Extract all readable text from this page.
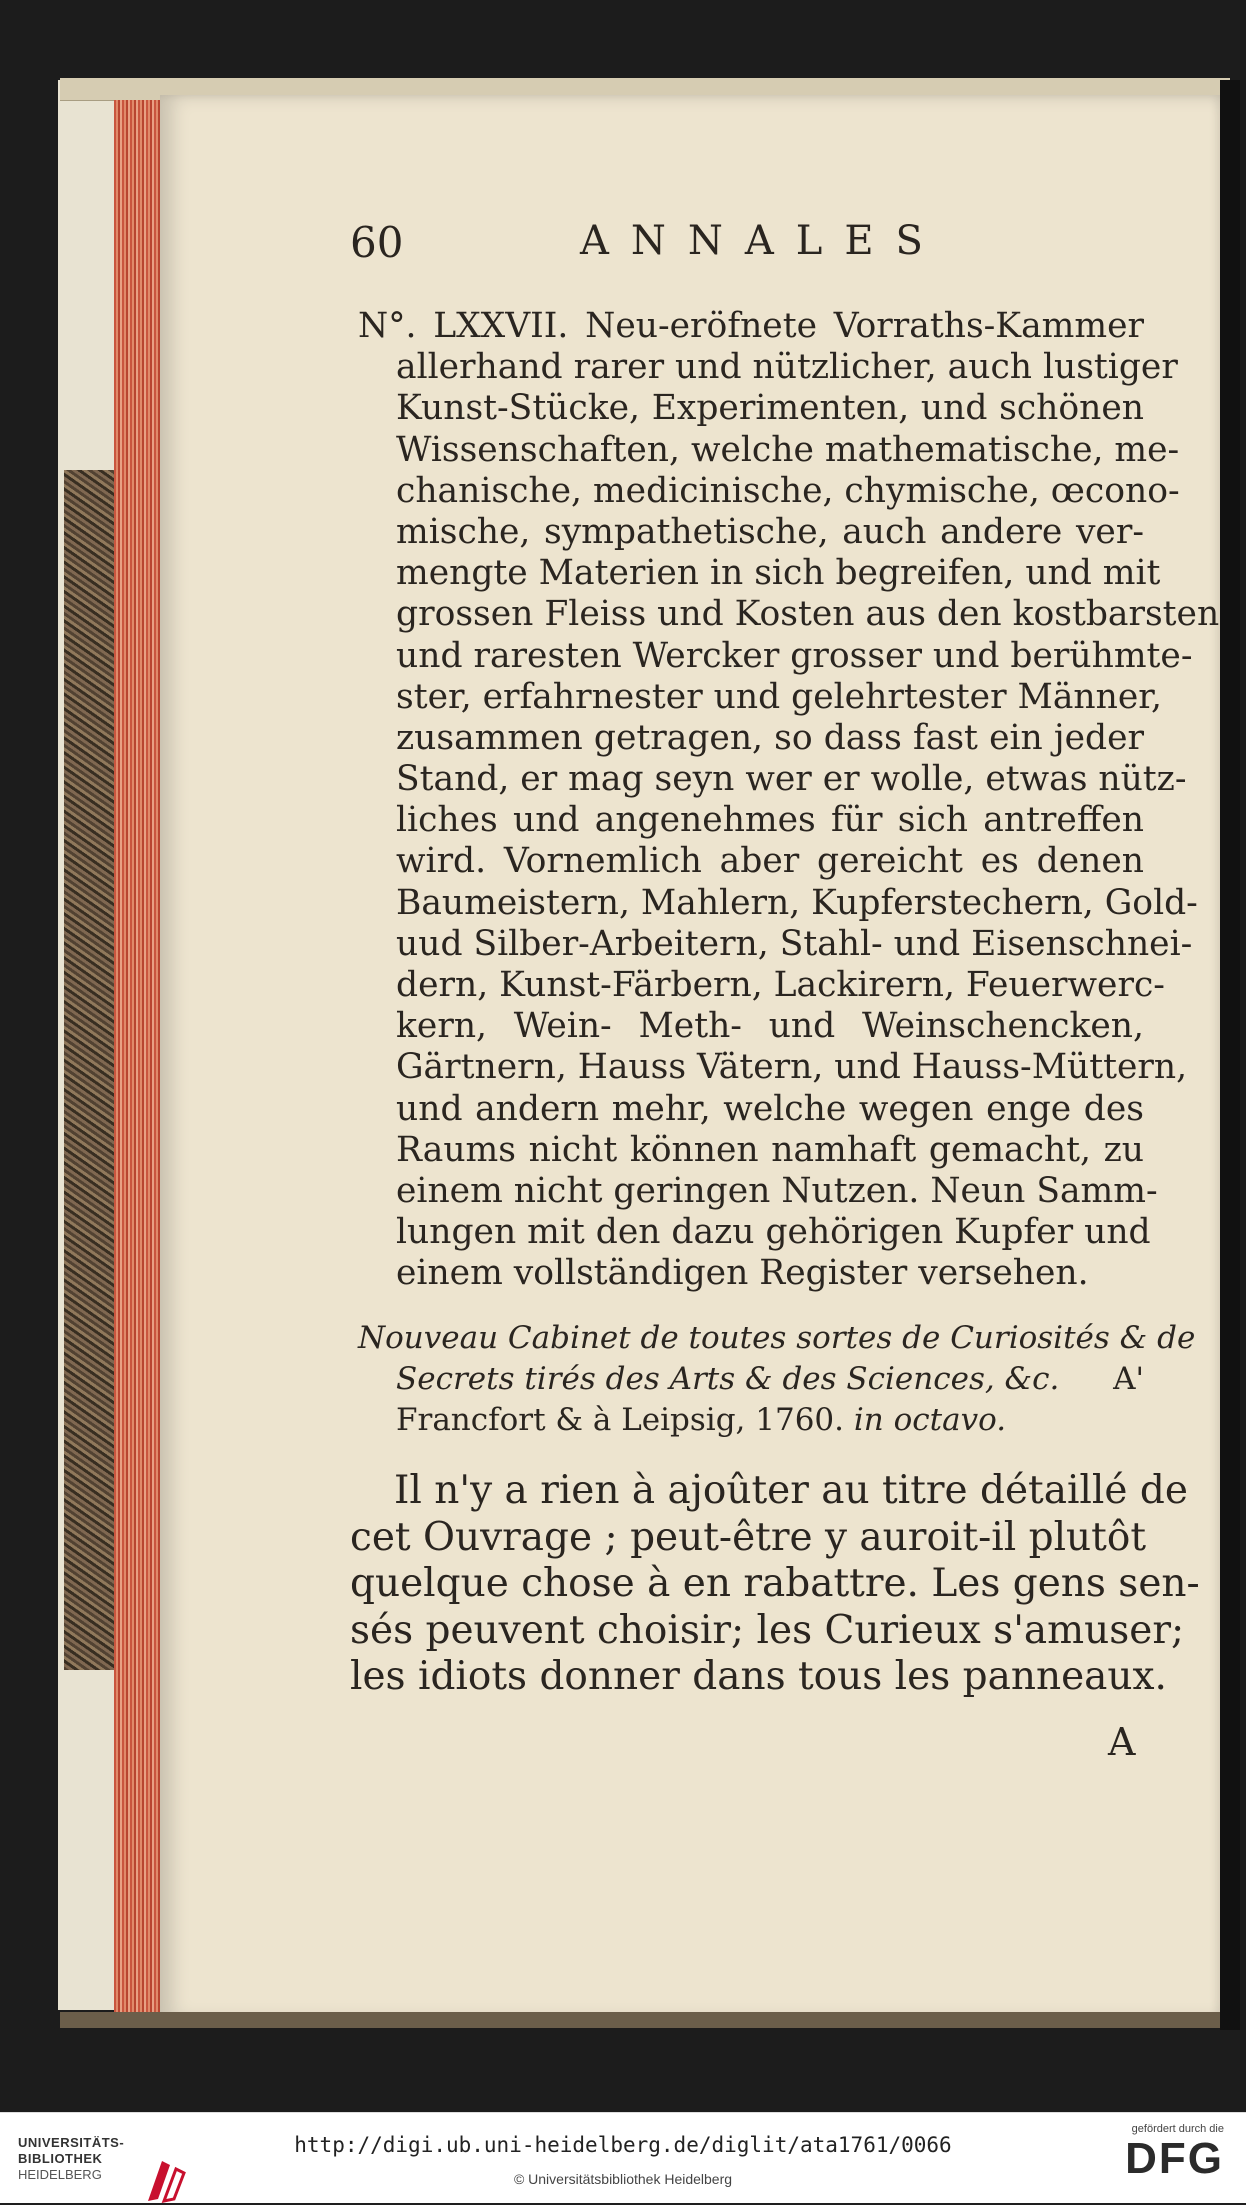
60	ANNALES
N°. LXXVII. Neu-eröfnete Vorraths-Kammer
allerhand rarer und nützlicher, auch lustiger
Kunst-Stücke, Experimenten, und schönen
Wissenschaften, welche mathematische, me-
chanische, medicinische, chymische, œcono-
mische, sympathetische, auch andere ver-
mengte Materien in sich begreifen, und mit
grossen Fleiss und Kosten aus den kostbarsten
und raresten Wercker grosser und berühmte-
ster, erfahrnester und gelehrtester Männer,
zusammen getragen, so dass fast ein jeder
Stand, er mag seyn wer er wolle, etwas nütz-
liches und angenehmes für sich antreffen
wird. Vornemlich aber gereicht es denen
Baumeistern, Mahlern, Kupferstechern, Gold-
uud Silber-Arbeitern, Stahl- und Eisenschnei-
dern, Kunst-Färbern, Lackirern, Feuerwerc-
kern, Wein- Meth- und Weinschencken,
Gärtnern, Hauss Vätern, und Hauss-Müttern,
und andern mehr, welche wegen enge des
Raums nicht können namhaft gemacht, zu
einem nicht geringen Nutzen. Neun Samm-
lungen mit den dazu gehörigen Kupfer und
einem vollständigen Register versehen.
Nouveau Cabinet de toutes sortes de Curiosités & de
Secrets tirés des Arts & des Sciences, &c. A'
Francfort & à Leipsig, 1760. in octavo.
Il n'y a rien à ajoûter au titre détaillé de
cet Ouvrage ; peut-être y auroit-il plutôt
quelque chose à en rabattre. Les gens sen-
sés peuvent choisir; les Curieux s'amuser;
les idiots donner dans tous les panneaux.
A
UNIVERSITÄTS-
BIBLIOTHEK
HEIDELBERG
http://digi.ub.uni-heidelberg.de/diglit/ata1761/0066
© Universitätsbibliothek Heidelberg
gefördert durch die
DFG
